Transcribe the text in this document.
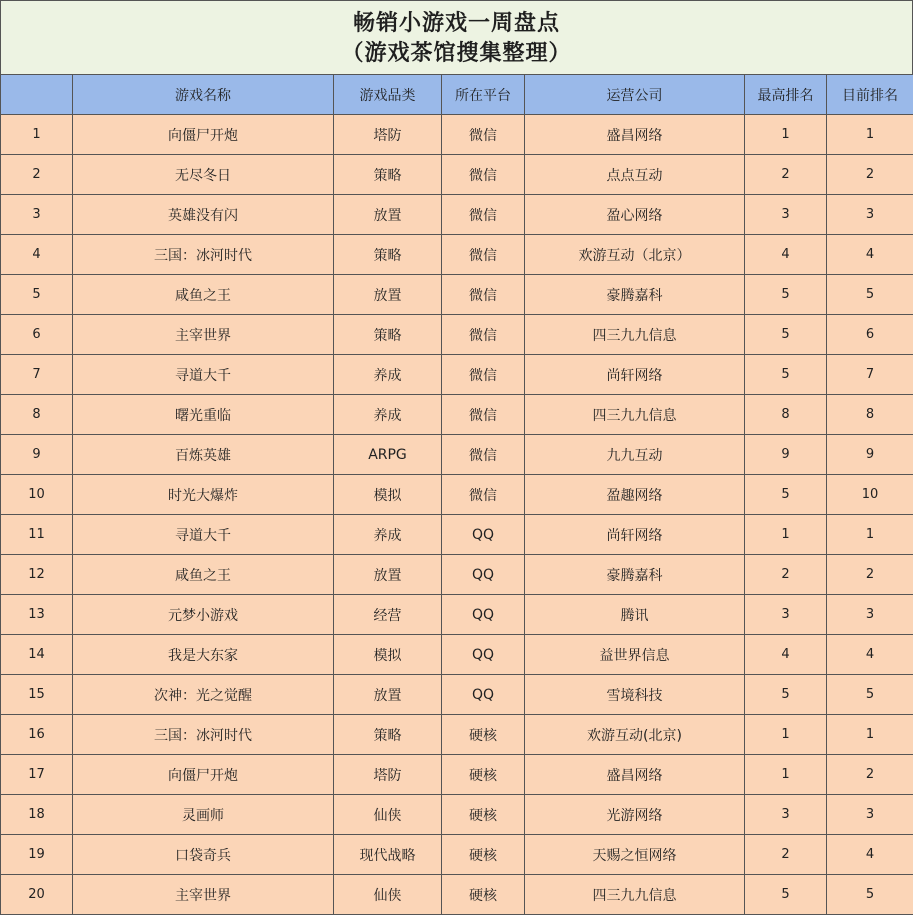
畅销小游戏一周盘点
（游戏茶馆搜集整理）
	游戏名称	游戏品类	所在平台	运营公司	最高排名	目前排名
1	向僵尸开炮	塔防	微信	盛昌网络	1	1
2	无尽冬日	策略	微信	点点互动	2	2
3	英雄没有闪	放置	微信	盈心网络	3	3
4	三国：冰河时代	策略	微信	欢游互动（北京）	4	4
5	咸鱼之王	放置	微信	豪腾嘉科	5	5
6	主宰世界	策略	微信	四三九九信息	5	6
7	寻道大千	养成	微信	尚轩网络	5	7
8	曙光重临	养成	微信	四三九九信息	8	8
9	百炼英雄	ARPG	微信	九九互动	9	9
10	时光大爆炸	模拟	微信	盈趣网络	5	10
11	寻道大千	养成	QQ	尚轩网络	1	1
12	咸鱼之王	放置	QQ	豪腾嘉科	2	2
13	元梦小游戏	经营	QQ	腾讯	3	3
14	我是大东家	模拟	QQ	益世界信息	4	4
15	次神：光之觉醒	放置	QQ	雪境科技	5	5
16	三国：冰河时代	策略	硬核	欢游互动(北京)	1	1
17	向僵尸开炮	塔防	硬核	盛昌网络	1	2
18	灵画师	仙侠	硬核	光游网络	3	3
19	口袋奇兵	现代战略	硬核	天赐之恒网络	2	4
20	主宰世界	仙侠	硬核	四三九九信息	5	5
